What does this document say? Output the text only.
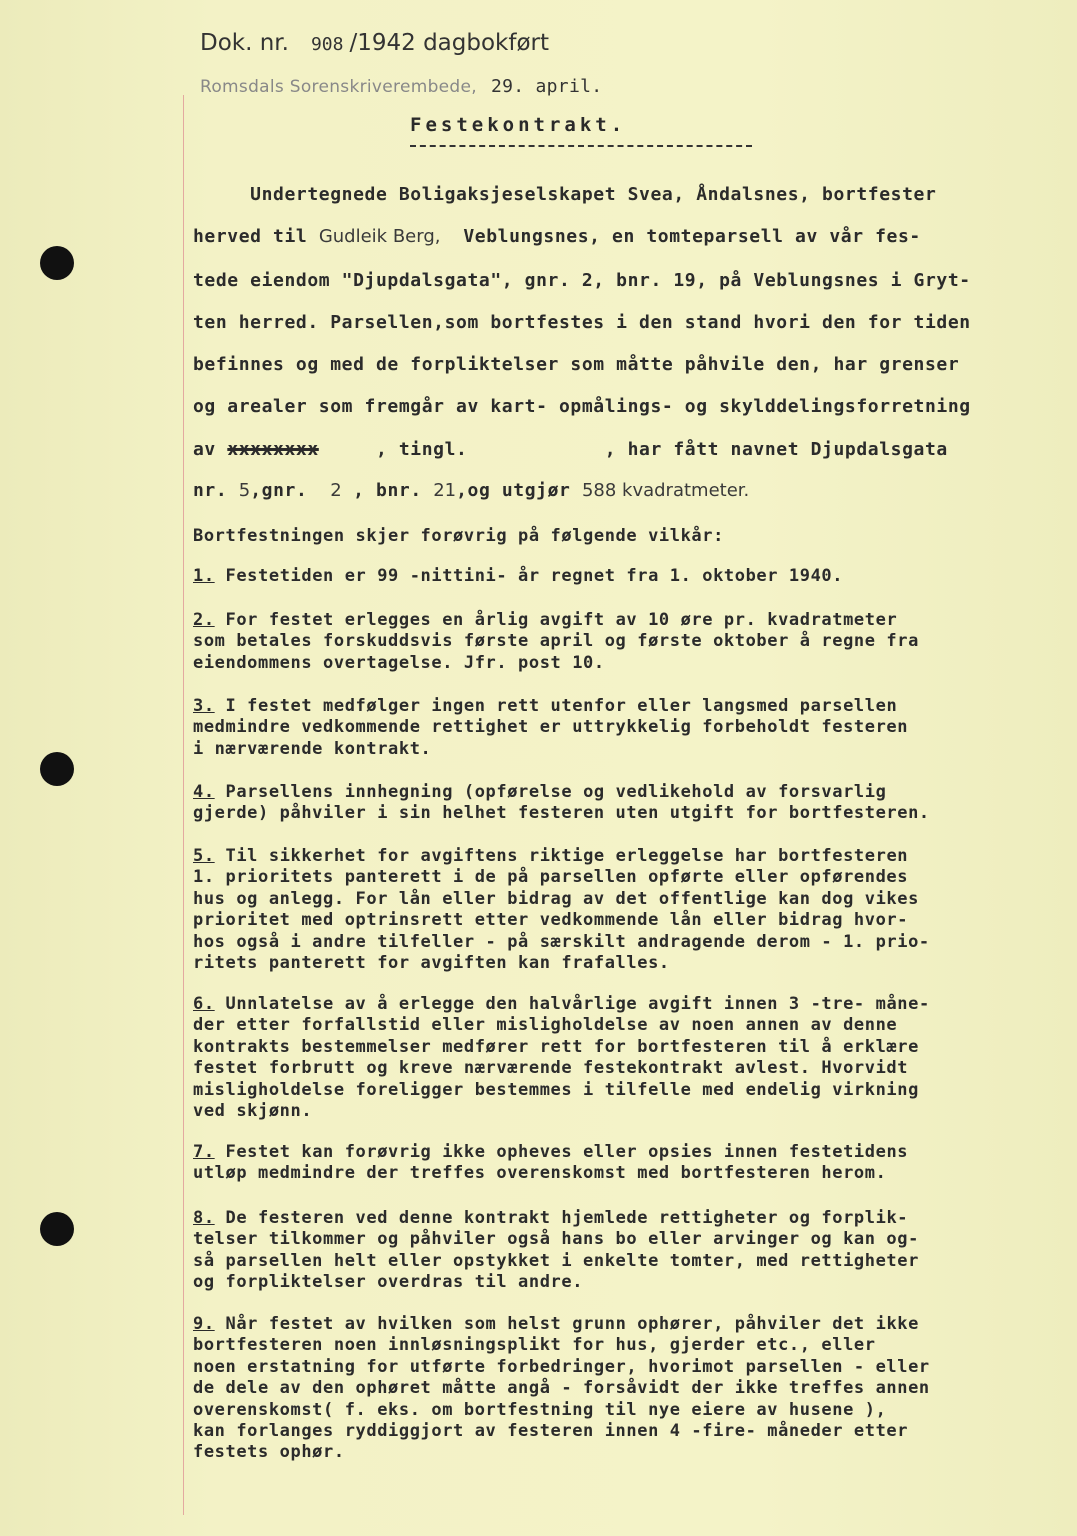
Dok. nr. 908 /1942 dagbokført
Romsdals Sorenskriverembede, 29. april.
Festekontrakt.
Undertegnede Boligaksjeselskapet Svea, Åndalsnes, bortfester
herved til Gudleik Berg,  Veblungsnes, en tomteparsell av vår fes-
tede eiendom "Djupdalsgata", gnr. 2, bnr. 19, på Veblungsnes i Gryt-
ten herred. Parsellen,som bortfestes i den stand hvori den for tiden
befinnes og med de forpliktelser som måtte påhvile den, har grenser
og arealer som fremgår av kart- opmålings- og skylddelingsforretning
av xxxxxxxx     , tingl.            , har fått navnet Djupdalsgata
nr. 5,gnr. 2 , bnr. 21,og utgjør 588 kvadratmeter.
Bortfestningen skjer forøvrig på følgende vilkår:
1. Festetiden er 99 -nittini- år regnet fra 1. oktober 1940.
2. For festet erlegges en årlig avgift av 10 øre pr. kvadratmeter
som betales forskuddsvis første april og første oktober å regne fra
eiendommens overtagelse. Jfr. post 10.
3. I festet medfølger ingen rett utenfor eller langsmed parsellen
medmindre vedkommende rettighet er uttrykkelig forbeholdt festeren
i nærværende kontrakt.
4. Parsellens innhegning (opførelse og vedlikehold av forsvarlig
gjerde) påhviler i sin helhet festeren uten utgift for bortfesteren.
5. Til sikkerhet for avgiftens riktige erleggelse har bortfesteren
1. prioritets panterett i de på parsellen opførte eller opførendes
hus og anlegg. For lån eller bidrag av det offentlige kan dog vikes
prioritet med optrinsrett etter vedkommende lån eller bidrag hvor-
hos også i andre tilfeller - på særskilt andragende derom - 1. prio-
ritets panterett for avgiften kan frafalles.
6. Unnlatelse av å erlegge den halvårlige avgift innen 3 -tre- måne-
der etter forfallstid eller misligholdelse av noen annen av denne
kontrakts bestemmelser medfører rett for bortfesteren til å erklære
festet forbrutt og kreve nærværende festekontrakt avlest. Hvorvidt
misligholdelse foreligger bestemmes i tilfelle med endelig virkning
ved skjønn.
7. Festet kan forøvrig ikke opheves eller opsies innen festetidens
utløp medmindre der treffes overenskomst med bortfesteren herom.
8. De festeren ved denne kontrakt hjemlede rettigheter og forplik-
telser tilkommer og påhviler også hans bo eller arvinger og kan og-
så parsellen helt eller opstykket i enkelte tomter, med rettigheter
og forpliktelser overdras til andre.
9. Når festet av hvilken som helst grunn ophører, påhviler det ikke
bortfesteren noen innløsningsplikt for hus, gjerder etc., eller
noen erstatning for utførte forbedringer, hvorimot parsellen - eller
de dele av den ophøret måtte angå - forsåvidt der ikke treffes annen
overenskomst( f. eks. om bortfestning til nye eiere av husene ),
kan forlanges ryddiggjort av festeren innen 4 -fire- måneder etter
festets ophør.
